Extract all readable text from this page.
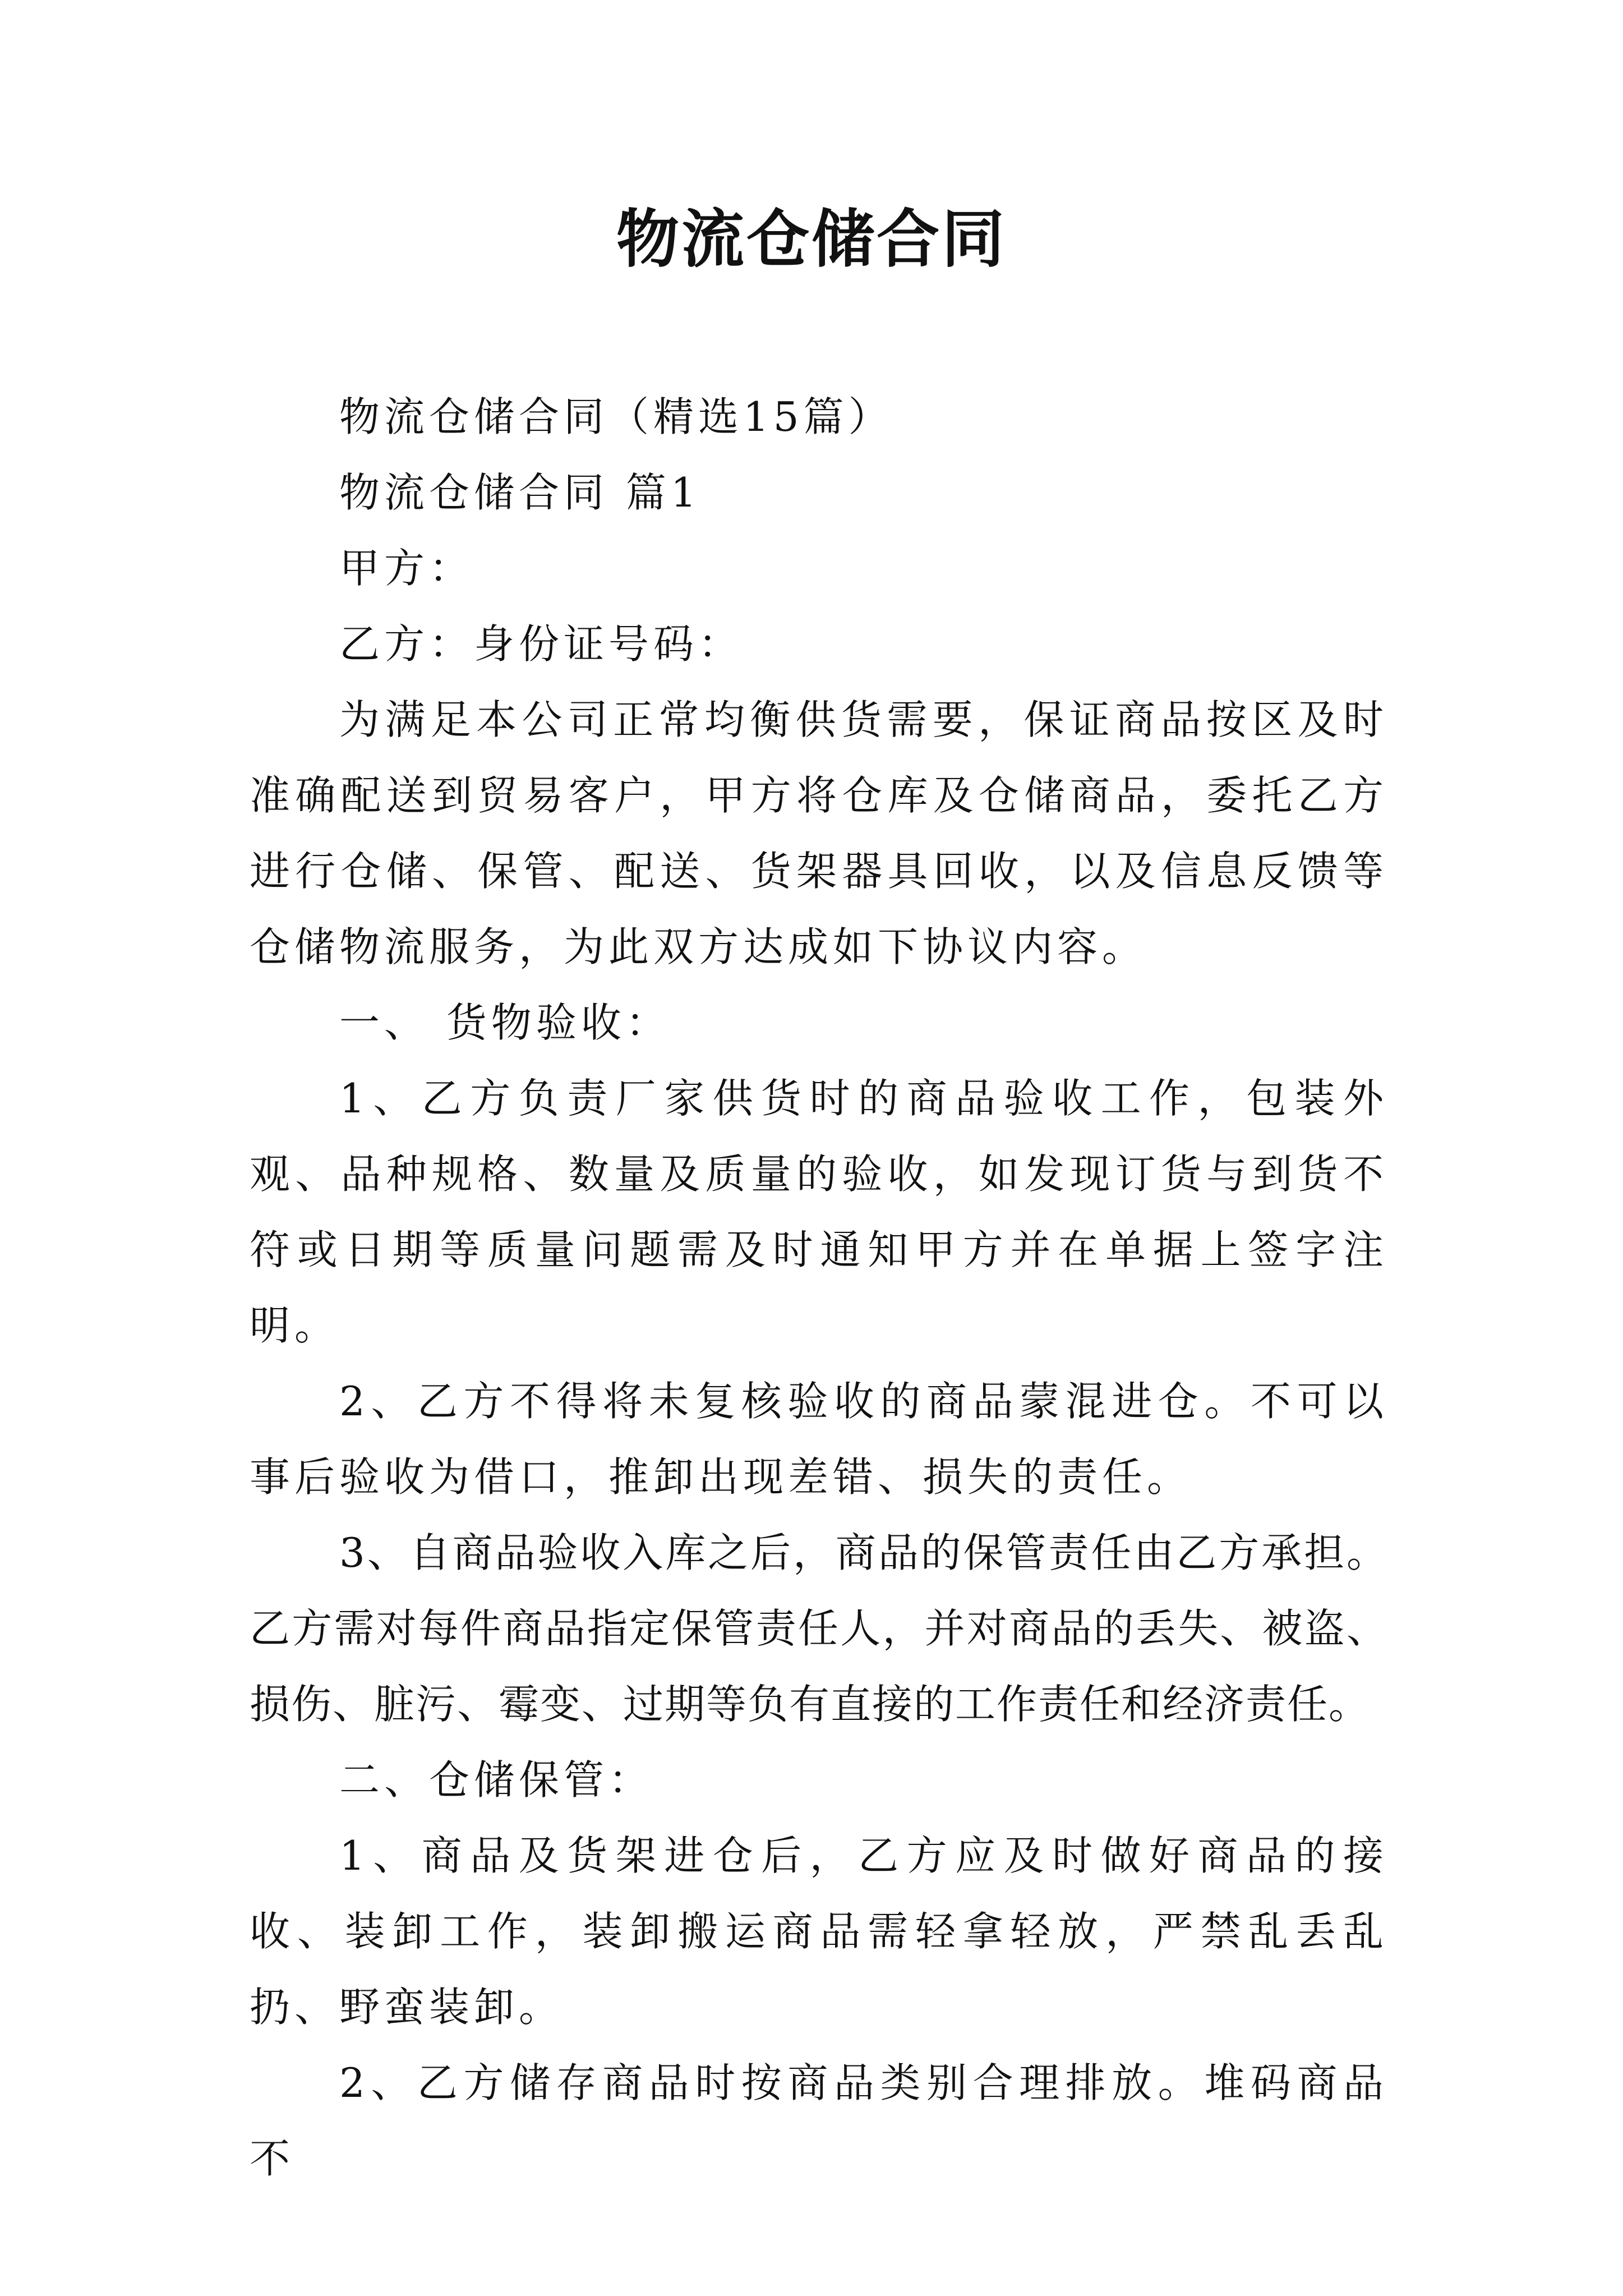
物流仓储合同

物流仓储合同（精选15篇）

物流仓储合同 篇1

甲方：

乙方：身份证号码：

为满足本公司正常均衡供货需要，保证商品按区及时准确配送到贸易客户，甲方将仓库及仓储商品，委托乙方进行仓储、保管、配送、货架器具回收，以及信息反馈等仓储物流服务，为此双方达成如下协议内容。

一、 货物验收：

1、乙方负责厂家供货时的商品验收工作，包装外观、品种规格、数量及质量的验收，如发现订货与到货不符或日期等质量问题需及时通知甲方并在单据上签字注明。

2、乙方不得将未复核验收的商品蒙混进仓。不可以事后验收为借口，推卸出现差错、损失的责任。

3、自商品验收入库之后，商品的保管责任由乙方承担。乙方需对每件商品指定保管责任人，并对商品的丢失、被盗、损伤、脏污、霉变、过期等负有直接的工作责任和经济责任。

二、仓储保管：

1、商品及货架进仓后，乙方应及时做好商品的接收、装卸工作，装卸搬运商品需轻拿轻放，严禁乱丢乱扔、野蛮装卸。

2、乙方储存商品时按商品类别合理排放。堆码商品不
